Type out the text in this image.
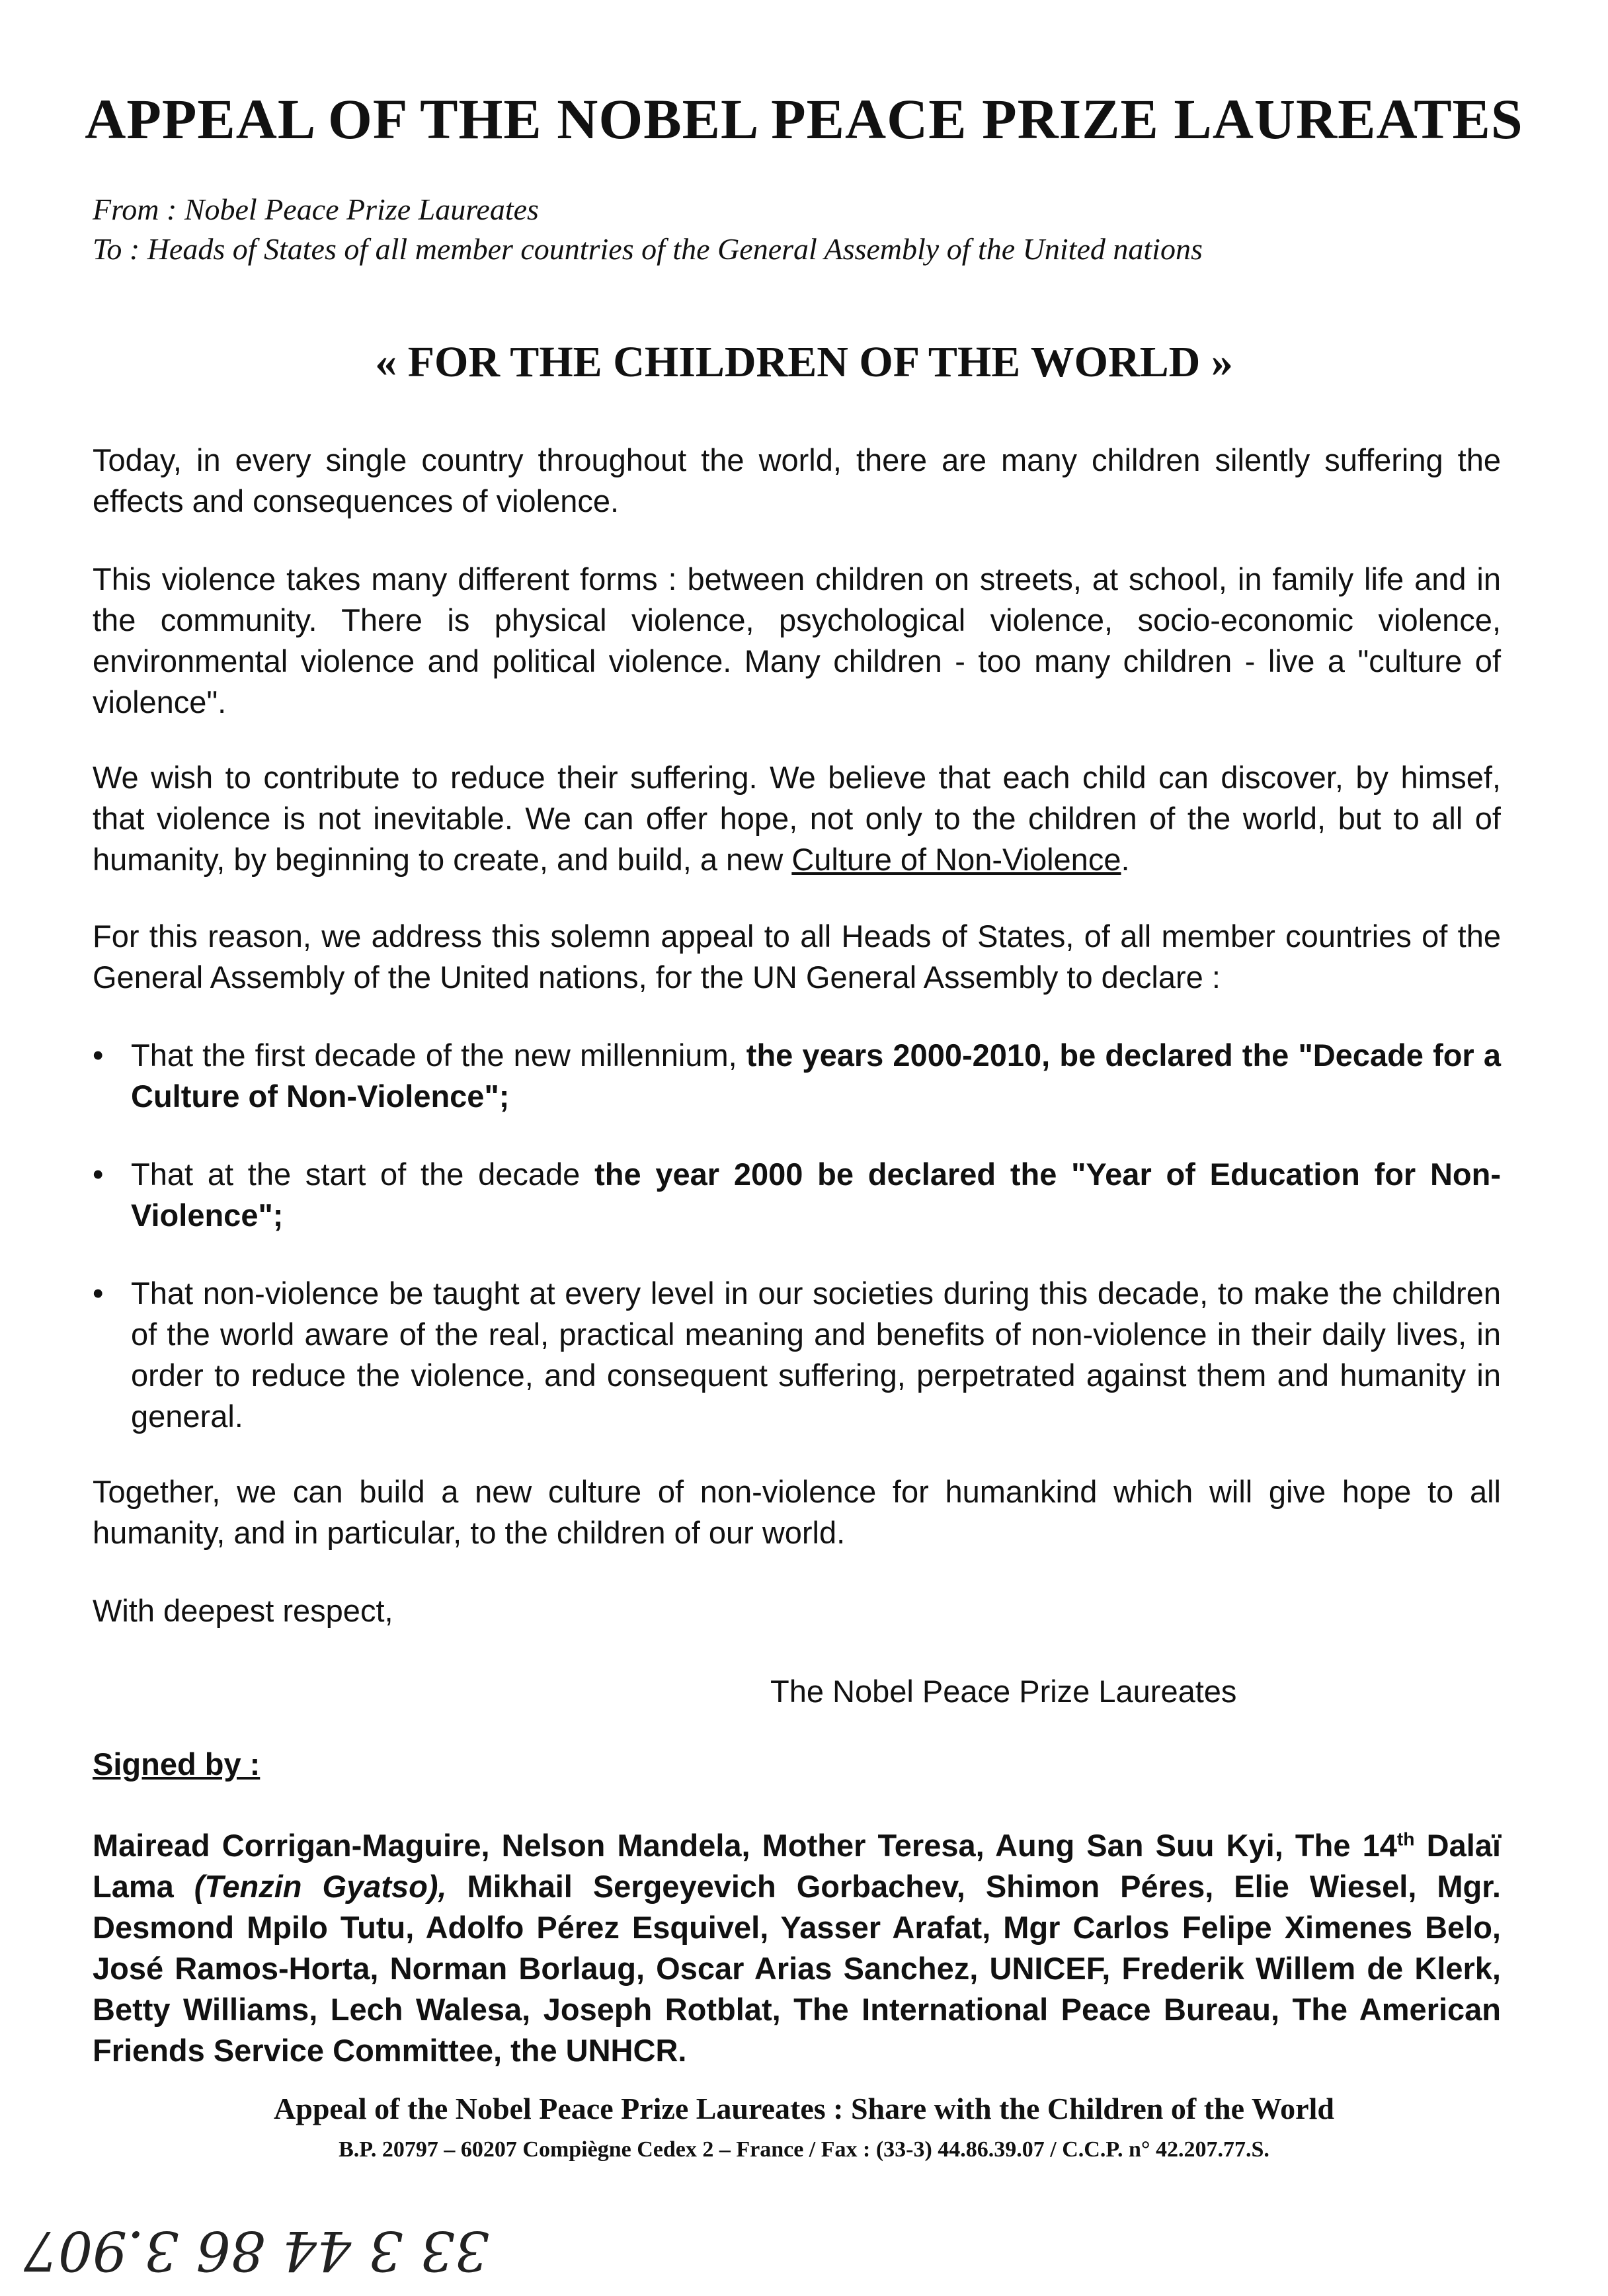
APPEAL OF THE NOBEL PEACE PRIZE LAUREATES

From : Nobel Peace Prize Laureates

To : Heads of States of all member countries of the General Assembly of the United nations

« FOR THE CHILDREN OF THE WORLD »

Today, in every single country throughout the world, there are many children silently suffering the effects and consequences of violence.

This violence takes many different forms : between children on streets, at school, in family life and in the community. There is physical violence, psychological violence, socio-economic violence, environmental violence and political violence. Many children - too many children - live a "culture of violence".

We wish to contribute to reduce their suffering. We believe that each child can discover, by himsef, that violence is not inevitable. We can offer hope, not only to the children of the world, but to all of humanity, by beginning to create, and build, a new Culture of Non-Violence.

For this reason, we address this solemn appeal to all Heads of States, of all member countries of the General Assembly of the United nations, for the UN General Assembly to declare :

• That the first decade of the new millennium, the years 2000-2010, be declared the "Decade for a Culture of Non-Violence";
• That at the start of the decade the year 2000 be declared the "Year of Education for Non-Violence";
• That non-violence be taught at every level in our societies during this decade, to make the children of the world aware of the real, practical meaning and benefits of non-violence in their daily lives, in order to reduce the violence, and consequent suffering, perpetrated against them and humanity in general.

Together, we can build a new culture of non-violence for humankind which will give hope to all humanity, and in particular, to the children of our world.

With deepest respect,

The Nobel Peace Prize Laureates

Signed by :

Mairead Corrigan-Maguire, Nelson Mandela, Mother Teresa, Aung San Suu Kyi, The 14th Dalaï Lama (Tenzin Gyatso), Mikhail Sergeyevich Gorbachev, Shimon Péres, Elie Wiesel, Mgr. Desmond Mpilo Tutu, Adolfo Pérez Esquivel, Yasser Arafat, Mgr Carlos Felipe Ximenes Belo, José Ramos-Horta, Norman Borlaug, Oscar Arias Sanchez, UNICEF, Frederik Willem de Klerk, Betty Williams, Lech Walesa, Joseph Rotblat, The International Peace Bureau, The American Friends Service Committee, the UNHCR.

Appeal of the Nobel Peace Prize Laureates : Share with the Children of the World

B.P. 20797 – 60207 Compiègne Cedex 2 – France / Fax : (33-3) 44.86.39.07 / C.C.P. n° 42.207.77.S.

33 3 44 86 3.907
